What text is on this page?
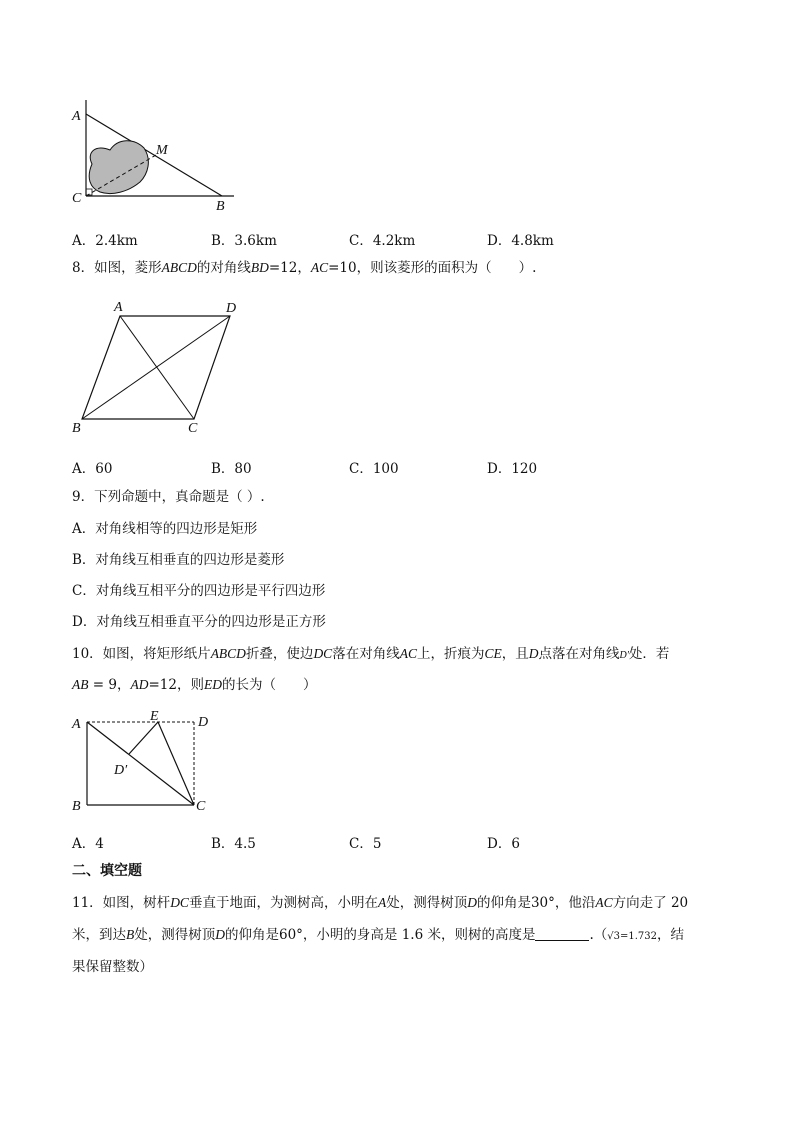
A
M
C
B
A．2.4km	B．3.6km	C．4.2km	D．4.8km
8．如图，菱形ABCD的对角线BD=12，AC=10，则该菱形的面积为（　　）.
A	D
B	C
A．60	B．80	C．100	D．120
9．下列命题中，真命题是（ ）.
A．对角线相等的四边形是矩形
B．对角线互相垂直的四边形是菱形
C．对角线互相平分的四边形是平行四边形
D．对角线互相垂直平分的四边形是正方形
10．如图，将矩形纸片ABCD折叠，使边DC落在对角线AC上，折痕为CE，且D点落在对角线D′处．若
AB = 9，AD=12，则ED的长为（　　）
A
E	D
D′
B	C
A．4	B．4.5	C．5	D．6
二、填空题
11．如图，树杆DC垂直于地面，为测树高，小明在A处，测得树顶D的仰角是30°，他沿AC方向走了 20
米，到达B处，测得树顶D的仰角是60°，小明的身高是 1.6 米，则树的高度是	.（√3=1.732，结
果保留整数）
